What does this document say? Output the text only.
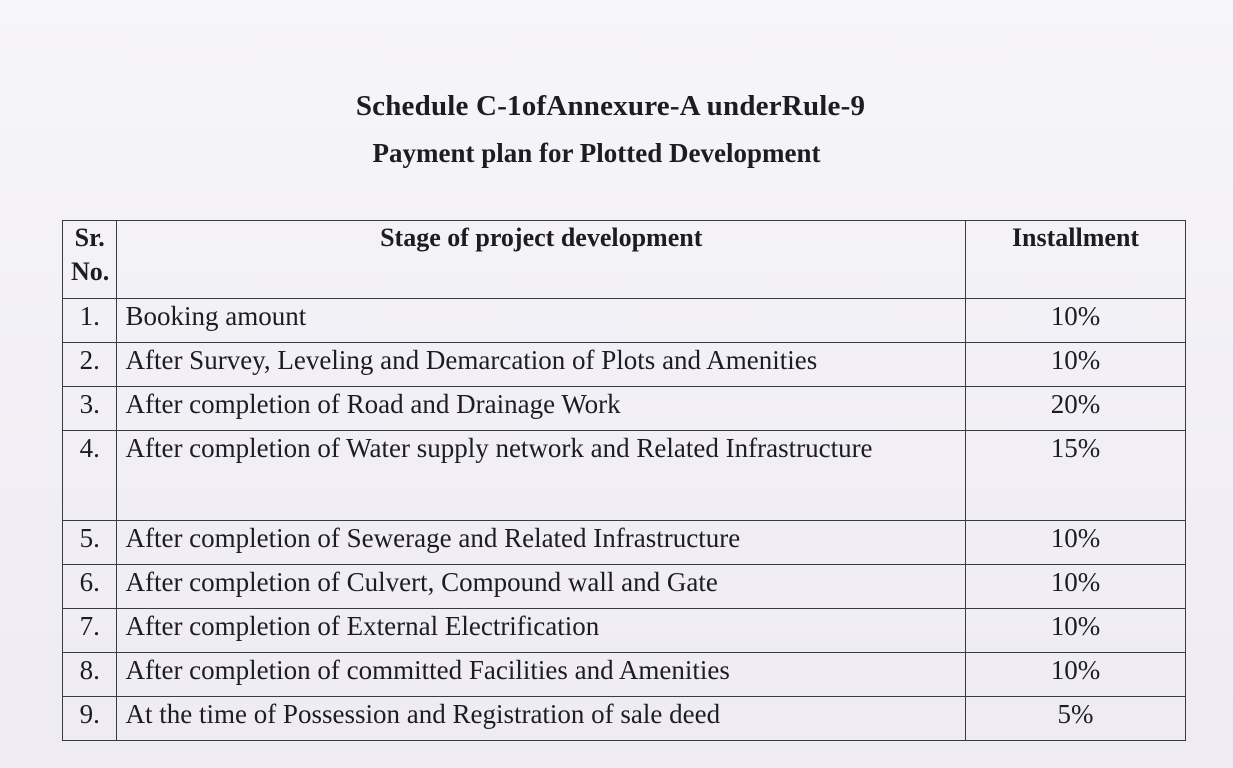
Schedule C-1ofAnnexure-A underRule-9
Payment plan for Plotted Development
Sr. No.	Stage of project development	Installment
1.	Booking amount	10%
2.	After Survey, Leveling and Demarcation of Plots and Amenities	10%
3.	After completion of Road and Drainage Work	20%
4.	After completion of Water supply network and Related Infrastructure	15%
5.	After completion of Sewerage and Related Infrastructure	10%
6.	After completion of Culvert, Compound wall and Gate	10%
7.	After completion of External Electrification	10%
8.	After completion of committed Facilities and Amenities	10%
9.	At the time of Possession and Registration of sale deed	5%
